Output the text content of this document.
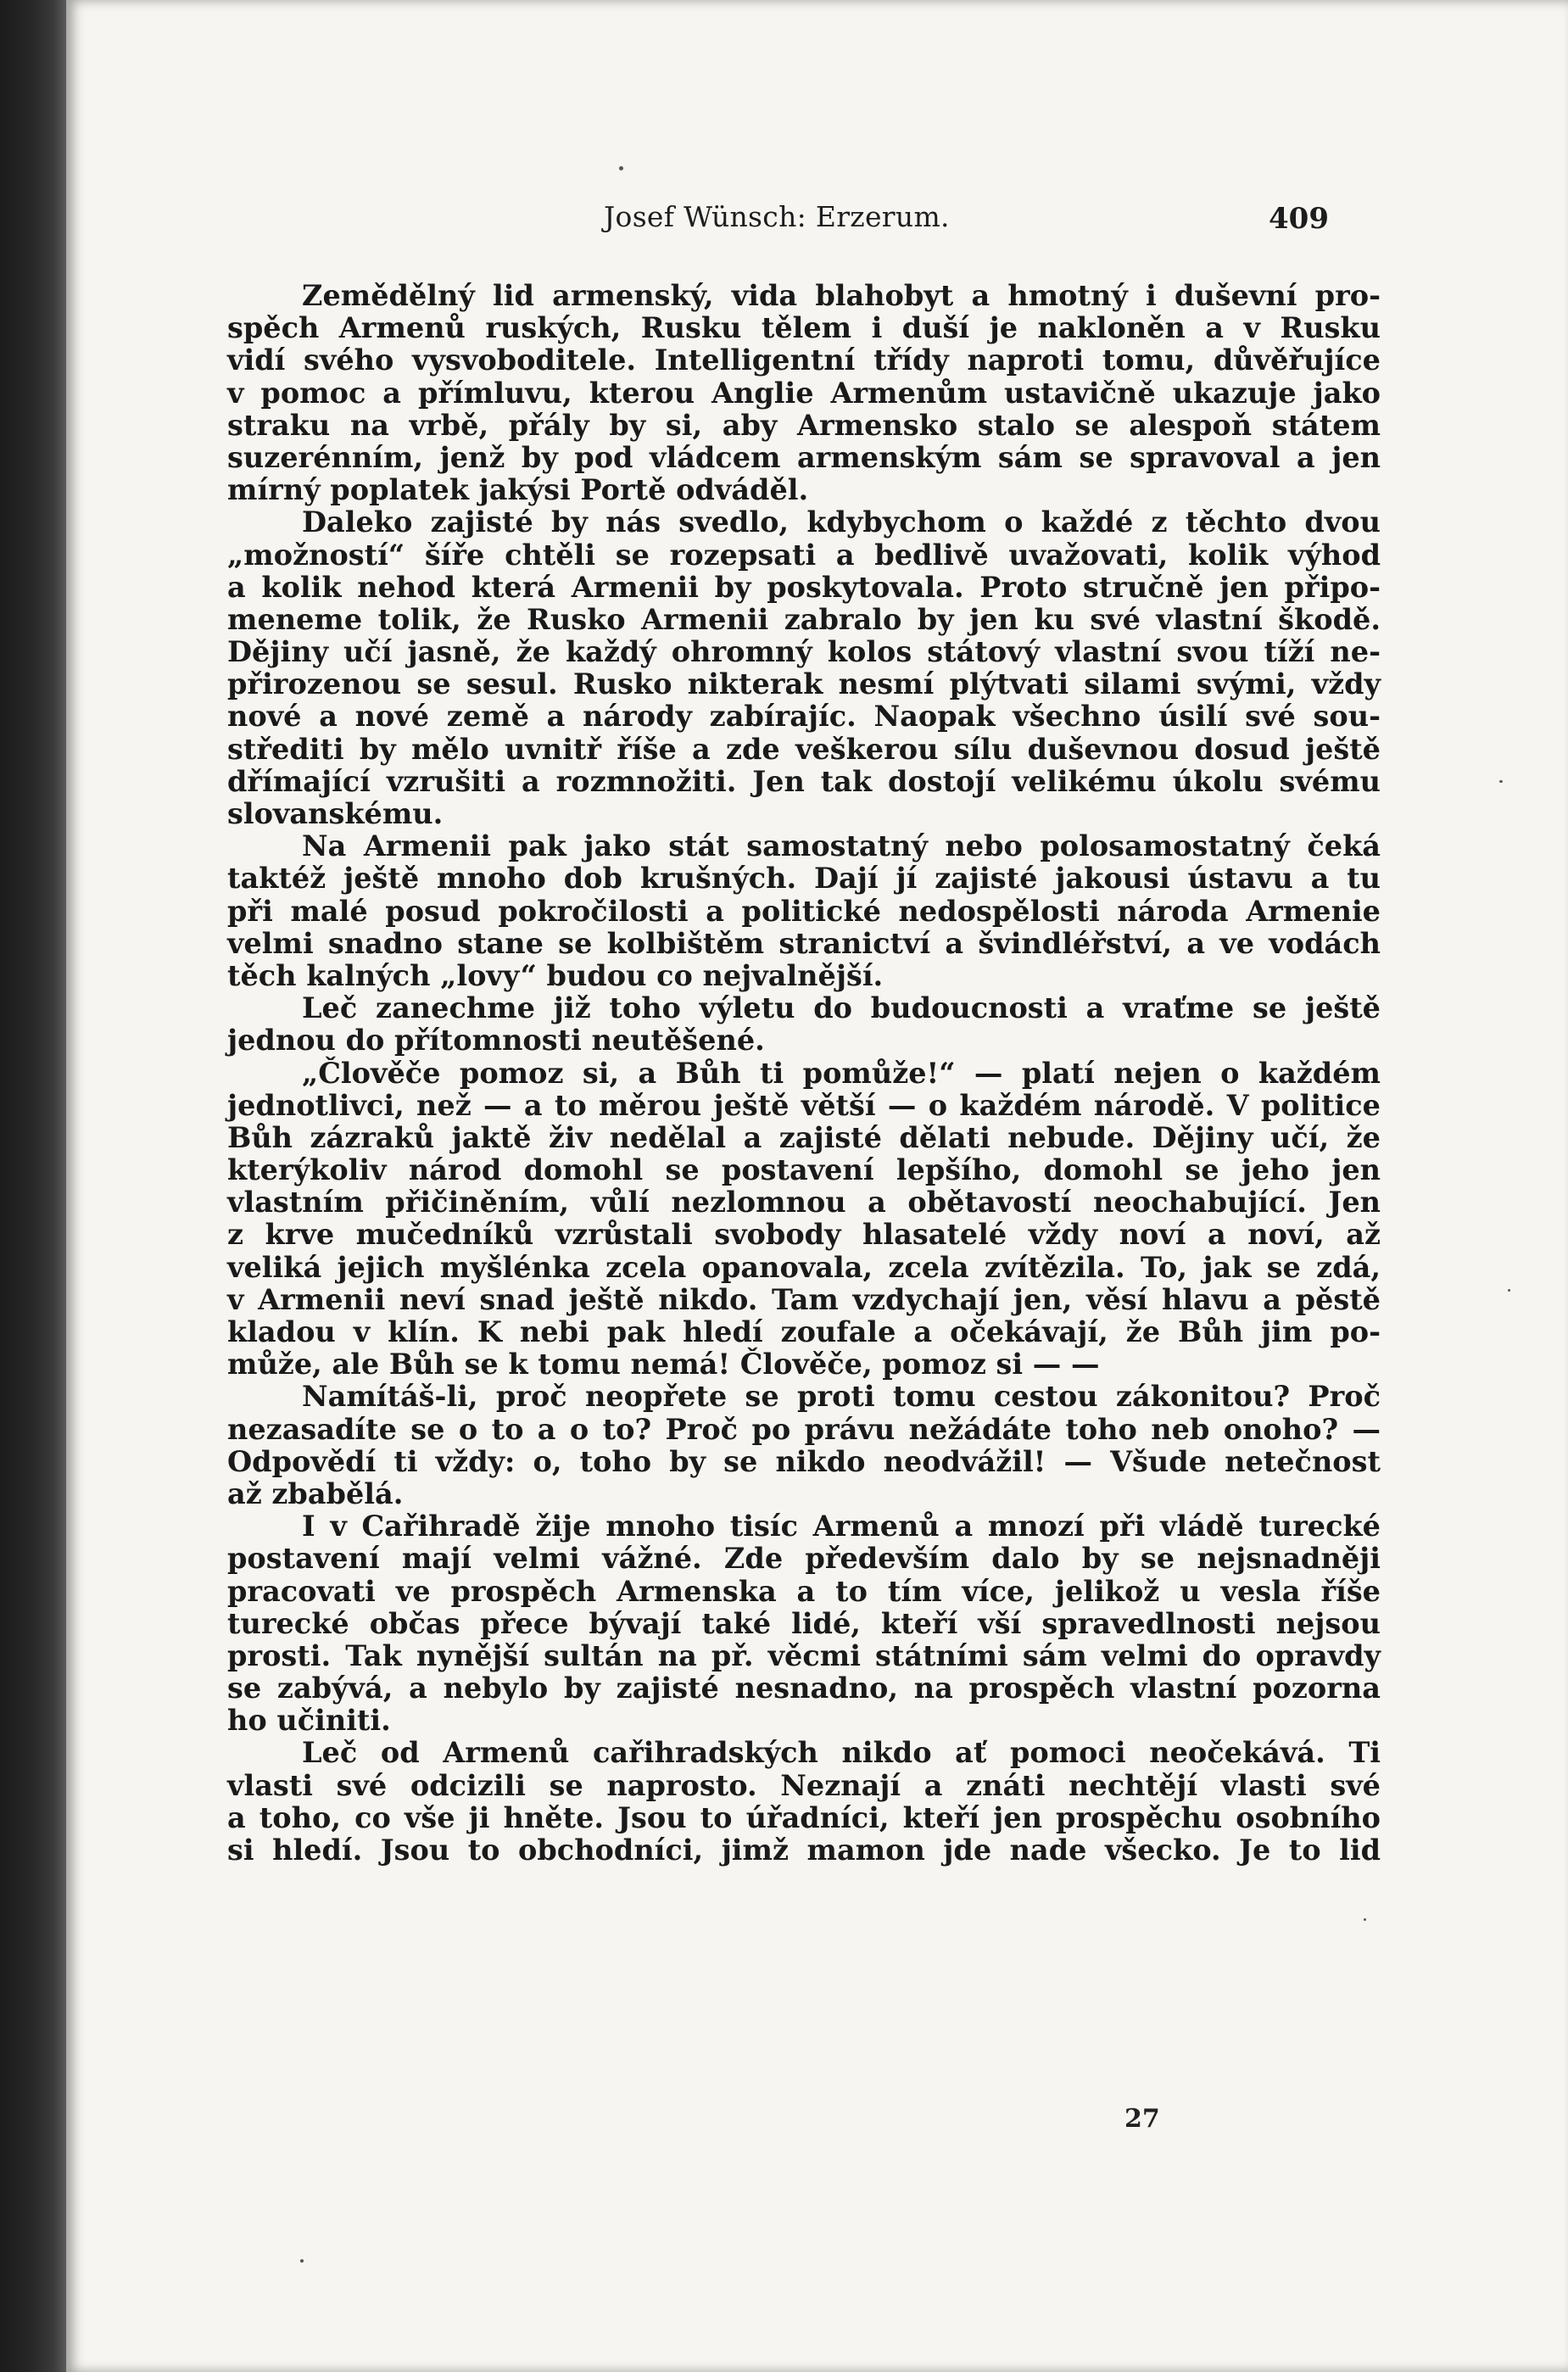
Josef Wünsch: Erzerum.	409
Zemědělný lid armenský, vida blahobyt a hmotný i duševní pro-
spěch Armenů ruských, Rusku tělem i duší je nakloněn a v Rusku
vidí svého vysvoboditele. Intelligentní třídy naproti tomu, důvěřujíce
v pomoc a přímluvu, kterou Anglie Armenům ustavičně ukazuje jako
straku na vrbě, přály by si, aby Armensko stalo se alespoň státem
suzerénním, jenž by pod vládcem armenským sám se spravoval a jen
mírný poplatek jakýsi Portě odváděl.
Daleko zajisté by nás svedlo, kdybychom o každé z těchto dvou
„možností“ šíře chtěli se rozepsati a bedlivě uvažovati, kolik výhod
a kolik nehod která Armenii by poskytovala. Proto stručně jen připo-
meneme tolik, že Rusko Armenii zabralo by jen ku své vlastní škodě.
Dějiny učí jasně, že každý ohromný kolos státový vlastní svou tíží ne-
přirozenou se sesul. Rusko nikterak nesmí plýtvati silami svými, vždy
nové a nové země a národy zabírajíc. Naopak všechno úsilí své sou-
střediti by mělo uvnitř říše a zde veškerou sílu duševnou dosud ještě
dřímající vzrušiti a rozmnožiti. Jen tak dostojí velikému úkolu svému
slovanskému.
Na Armenii pak jako stát samostatný nebo polosamostatný čeká
taktéž ještě mnoho dob krušných. Dají jí zajisté jakousi ústavu a tu
při malé posud pokročilosti a politické nedospělosti národa Armenie
velmi snadno stane se kolbištěm stranictví a švindléřství, a ve vodách
těch kalných „lovy“ budou co nejvalnější.
Leč zanechme již toho výletu do budoucnosti a vraťme se ještě
jednou do přítomnosti neutěšené.
„Člověče pomoz si, a Bůh ti pomůže!“ — platí nejen o každém
jednotlivci, než — a to měrou ještě větší — o každém národě. V politice
Bůh zázraků jaktě živ nedělal a zajisté dělati nebude. Dějiny učí, že
kterýkoliv národ domohl se postavení lepšího, domohl se jeho jen
vlastním přičiněním, vůlí nezlomnou a obětavostí neochabující. Jen
z krve mučedníků vzrůstali svobody hlasatelé vždy noví a noví, až
veliká jejich myšlénka zcela opanovala, zcela zvítězila. To, jak se zdá,
v Armenii neví snad ještě nikdo. Tam vzdychají jen, věsí hlavu a pěstě
kladou v klín. K nebi pak hledí zoufale a očekávají, že Bůh jim po-
může, ale Bůh se k tomu nemá! Člověče, pomoz si — —
Namítáš-li, proč neopřete se proti tomu cestou zákonitou? Proč
nezasadíte se o to a o to? Proč po právu nežádáte toho neb onoho? —
Odpovědí ti vždy: o, toho by se nikdo neodvážil! — Všude netečnost
až zbabělá.
I v Cařihradě žije mnoho tisíc Armenů a mnozí při vládě turecké
postavení mají velmi vážné. Zde především dalo by se nejsnadněji
pracovati ve prospěch Armenska a to tím více, jelikož u vesla říše
turecké občas přece bývají také lidé, kteří vší spravedlnosti nejsou
prosti. Tak nynější sultán na př. věcmi státními sám velmi do opravdy
se zabývá, a nebylo by zajisté nesnadno, na prospěch vlastní pozorna
ho učiniti.
Leč od Armenů cařihradských nikdo ať pomoci neočekává. Ti
vlasti své odcizili se naprosto. Neznají a znáti nechtějí vlasti své
a toho, co vše ji hněte. Jsou to úřadníci, kteří jen prospěchu osobního
si hledí. Jsou to obchodníci, jimž mamon jde nade všecko. Je to lid
27
